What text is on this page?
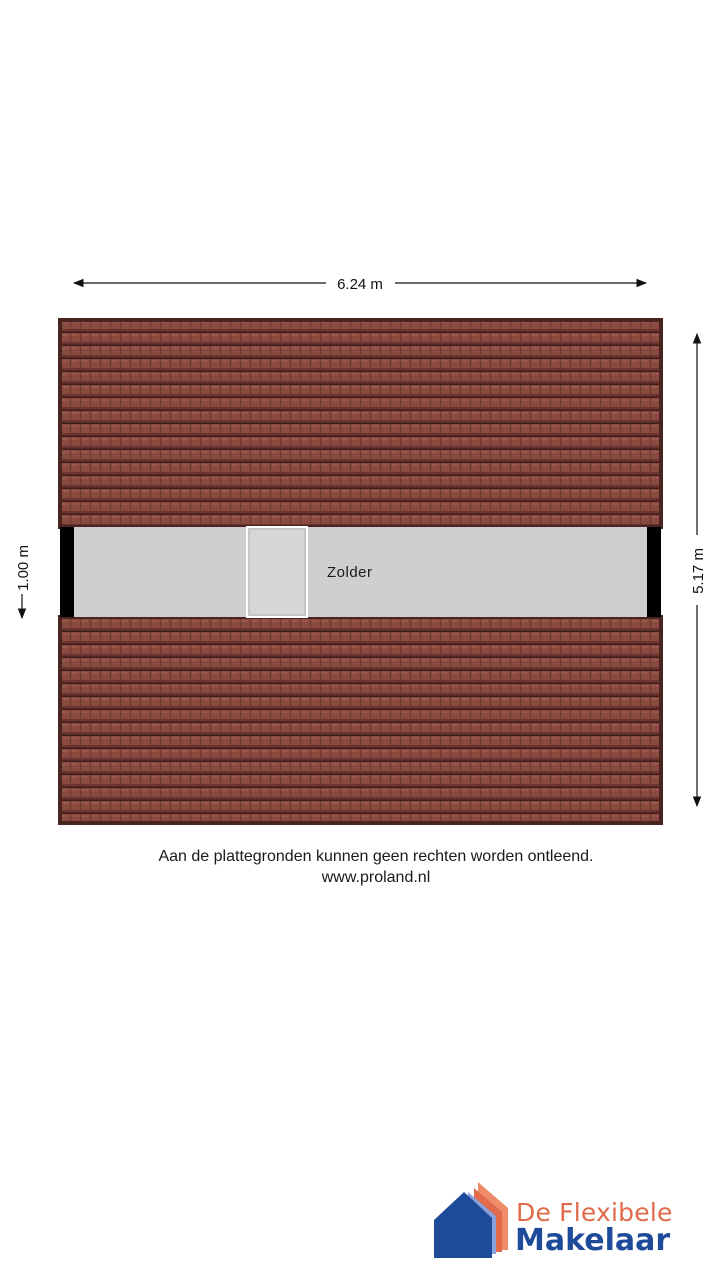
6.24 m
5.17 m
1.00 m	Zolder
Aan de plattegronden kunnen geen rechten worden ontleend.
www.proland.nl
De Flexibele
Makelaar
